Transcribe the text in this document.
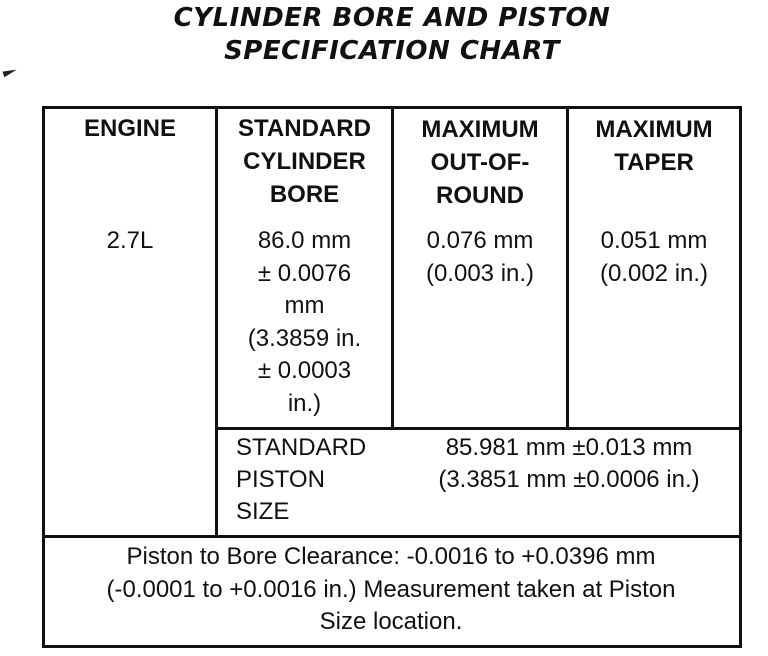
CYLINDER BORE AND PISTON
SPECIFICATION CHART
ENGINE	STANDARD
CYLINDER
BORE
MAXIMUM
OUT-OF-
ROUND
MAXIMUM
TAPER
2.7L	86.0 mm
± 0.0076
mm
(3.3859 in.
± 0.0003
in.)
0.076 mm
(0.003 in.)
0.051 mm
(0.002 in.)
STANDARD
PISTON
SIZE
85.981 mm ±0.013 mm
(3.3851 mm ±0.0006 in.)
Piston to Bore Clearance: -0.0016 to +0.0396 mm
(-0.0001 to +0.0016 in.) Measurement taken at Piston
Size location.
